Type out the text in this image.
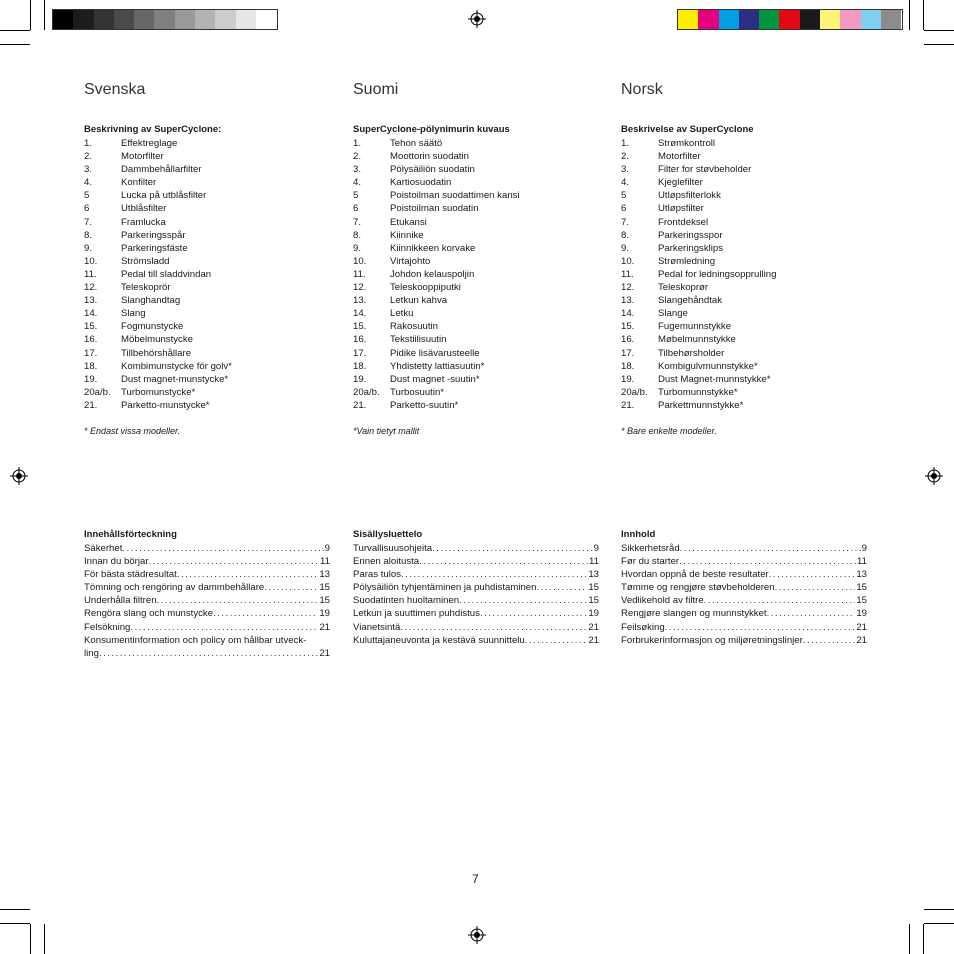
Svenska
Beskrivning av SuperCyclone:
1.	Effektreglage
2.	Motorfilter
3.	Dammbehållarfilter
4.	Konfilter
5	Lucka på utblåsfilter
6	Utblåsfilter
7.	Framlucka
8.	Parkeringsspår
9.	Parkeringsfäste
10.	Strömsladd
11.	Pedal till sladdvindan
12.	Teleskoprör
13.	Slanghandtag
14.	Slang
15.	Fogmunstycke
16.	Möbelmunstycke
17.	Tillbehörshållare
18.	Kombimunstycke för golv*
19.	Dust magnet-munstycke*
20a/b.	Turbomunstycke*
21.	Parketto-munstycke*
* Endast vissa modeller.
Innehållsförteckning
Säkerhet .....	9
Innan du börjar .....	11
För bästa städresultat .....	13
Tömning och rengöring av dammbehållare .....	15
Underhålla filtren .....	15
Rengöra slang och munstycke .....	19
Felsökning .....	21
Konsumentinformation och policy om hållbar utveck-
ling .....	21
Suomi
SuperCyclone-pölynimurin kuvaus
1.	Tehon säätö
2.	Moottorin suodatin
3.	Pölysäiliön suodatin
4.	Kartiosuodatin
5	Poistoilman suodattimen kansi
6	Poistoilman suodatin
7.	Etukansi
8.	Kiinnike
9.	Kiinnikkeen korvake
10.	Virtajohto
11.	Johdon kelauspoljin
12.	Teleskooppiputki
13.	Letkun kahva
14.	Letku
15.	Rakosuutin
16.	Tekstiilisuutin
17.	Pidike lisävarusteelle
18.	Yhdistetty lattiasuutin*
19.	Dust magnet -suutin*
20a/b.	Turbosuutin*
21.	Parketto-suutin*
*Vain tietyt mallit
Sisällysluettelo
Turvallisuusohjeita .....	9
Ennen aloitusta .....	11
Paras tulos .....	13
Pölysäiliön tyhjentäminen ja puhdistaminen .....	15
Suodatinten huoltaminen .....	15
Letkun ja suuttimen puhdistus .....	19
Vianetsintä .....	21
Kuluttajaneuvonta ja kestävä suunnittelu .....	21
Norsk
Beskrivelse av SuperCyclone
1.	Strømkontroll
2.	Motorfilter
3.	Filter for støvbeholder
4.	Kjeglefilter
5	Utløpsfilterlokk
6	Utløpsfilter
7.	Frontdeksel
8.	Parkeringsspor
9.	Parkeringsklips
10.	Strømledning
11.	Pedal for ledningsopprulling
12.	Teleskoprør
13.	Slangehåndtak
14.	Slange
15.	Fugemunnstykke
16.	Møbelmunnstykke
17.	Tilbehørsholder
18.	Kombigulvmunnstykke*
19.	Dust Magnet-munnstykke*
20a/b.	Turbomunnstykke*
21.	Parkettmunnstykke*
* Bare enkelte modeller.
Innhold
Sikkerhetsråd .....	9
Før du starter .....	11
Hvordan oppnå de beste resultater .....	13
Tømme og rengjøre støvbeholderen .....	15
Vedlikehold av filtre .....	15
Rengjøre slangen og munnstykket .....	19
Feilsøking .....	21
Forbrukerinformasjon og miljøretningslinjer .....	21
7
